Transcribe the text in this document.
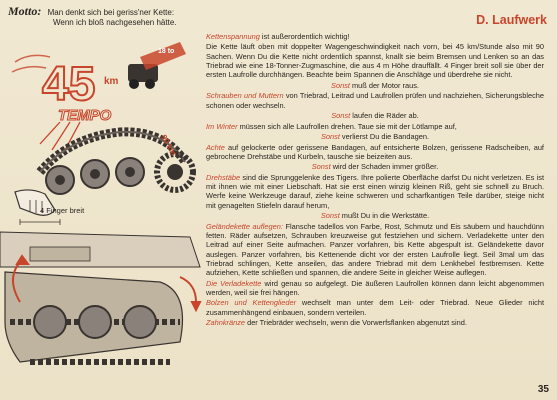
Motto: Man denkt sich bei geriss'ner Kette:
Wenn ich bloß nachgesehen hätte.	D. Laufwerk
45 km
TEMPO
18 to
90 km
4 Finger breit

Kettenspannung ist außerordentlich wichtig!

Die Kette läuft oben mit doppelter Wagengeschwindigkeit nach vorn, bei 45 km/Stunde also mit 90 Sachen. Wenn Du die Kette nicht ordentlich spannst, knallt sie beim Bremsen und Lenken so an das Triebrad wie eine 18-Tonner-Zugmaschine, die aus 4 m Höhe drauffällt. 4 Finger breit soll sie über der ersten Laufrolle durchhängen. Beachte beim Spannen die Anschläge und überdrehe sie nicht.

Sonst muß der Motor raus.

Schrauben und Muttern von Triebrad, Leitrad und Laufrollen prüfen und nachziehen, Sicherungsbleche schonen oder wechseln.

Sonst laufen die Räder ab.

Im Winter müssen sich alle Laufrollen drehen. Taue sie mit der Lötlampe auf,

Sonst verlierst Du die Bandagen.

Achte auf gelockerte oder gerissene Bandagen, auf entsicherte Bolzen, gerissene Radscheiben, auf gebrochene Drehstäbe und Kurbeln, tausche sie beizeiten aus.

Sonst wird der Schaden immer größer.

Drehstäbe sind die Sprunggelenke des Tigers. Ihre polierte Oberfläche darfst Du nicht verletzen. Es ist mit ihnen wie mit einer Liebschaft. Hat sie erst einen winzig kleinen Riß, geht sie schnell zu Bruch. Werfe keine Werkzeuge darauf, ziehe keine schweren und scharfkantigen Teile darüber, steige nicht mit genagelten Stiefeln darauf herum,

Sonst mußt Du in die Werkstätte.

Geländekette auflegen: Flansche tadellos von Farbe, Rost, Schmutz und Eis säubern und hauchdünn fetten. Räder aufsetzen, Schrauben kreuzweise gut festziehen und sichern. Verladekette unter den Leitrad auf einer Seite aufmachen. Panzer vorfahren, bis Kette abgespult ist. Geländekette davor auslegen. Panzer vorfahren, bis Kettenende dicht vor der ersten Laufrolle liegt. Seil 3mal um das Triebrad schlingen, Kette anseilen, das andere Triebrad mit dem Lenkhebel festbremsen. Kette aufziehen, Kette schließen und spannen, die andere Seite in gleicher Weise auflegen.

Die Verladekette wird genau so aufgelegt. Die äußeren Laufrollen können dann leicht abgenommen werden, weil sie frei hängen.

Bolzen und Kettenglieder wechselt man unter dem Leit- oder Triebrad. Neue Glieder nicht zusammenhängend einbauen, sondern verteilen.

Zahnkränze der Triebräder wechseln, wenn die Vorwerfsflanken abgenutzt sind.

35
